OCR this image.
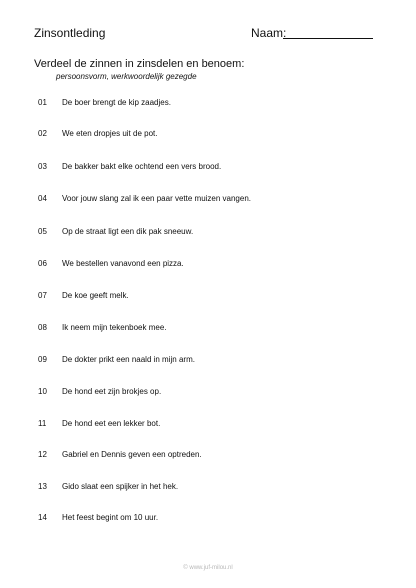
Zinsontleding	Naam:
Verdeel de zinnen in zinsdelen en benoem:
persoonsvorm, werkwoordelijk gezegde
01 De boer brengt de kip zaadjes.
02 We eten dropjes uit de pot.
03 De bakker bakt elke ochtend een vers brood.
04 Voor jouw slang zal ik een paar vette muizen vangen.
05 Op de straat ligt een dik pak sneeuw.
06 We bestellen vanavond een pizza.
07 De koe geeft melk.
08 Ik neem mijn tekenboek mee.
09 De dokter prikt een naald in mijn arm.
10 De hond eet zijn brokjes op.
11 De hond eet een lekker bot.
12 Gabriel en Dennis geven een optreden.
13 Gido slaat een spijker in het hek.
14 Het feest begint om 10 uur.
© www.juf-milou.nl
